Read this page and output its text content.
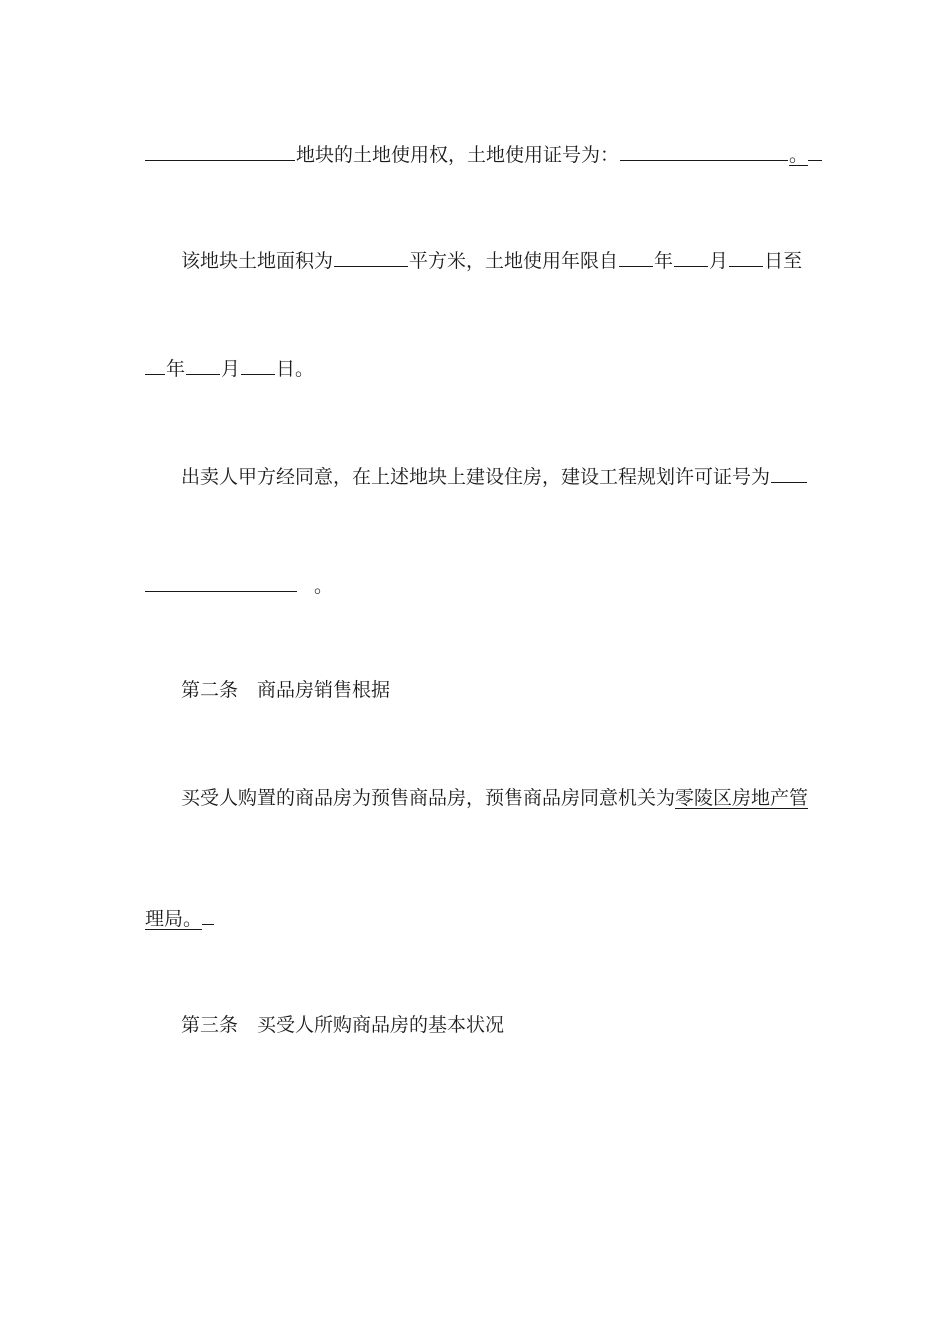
地块的土地使用权，土地使用证号为：	。
该地块土地面积为	平方米，土地使用年限自 年 月 日至
年 月 日。
出卖人甲方经同意，在上述地块上建设住房，建设工程规划许可证号为
。
第二条 商品房销售根据
买受人购置的商品房为预售商品房，预售商品房同意机关为零陵区房地产管
理局。
第三条 买受人所购商品房的基本状况
